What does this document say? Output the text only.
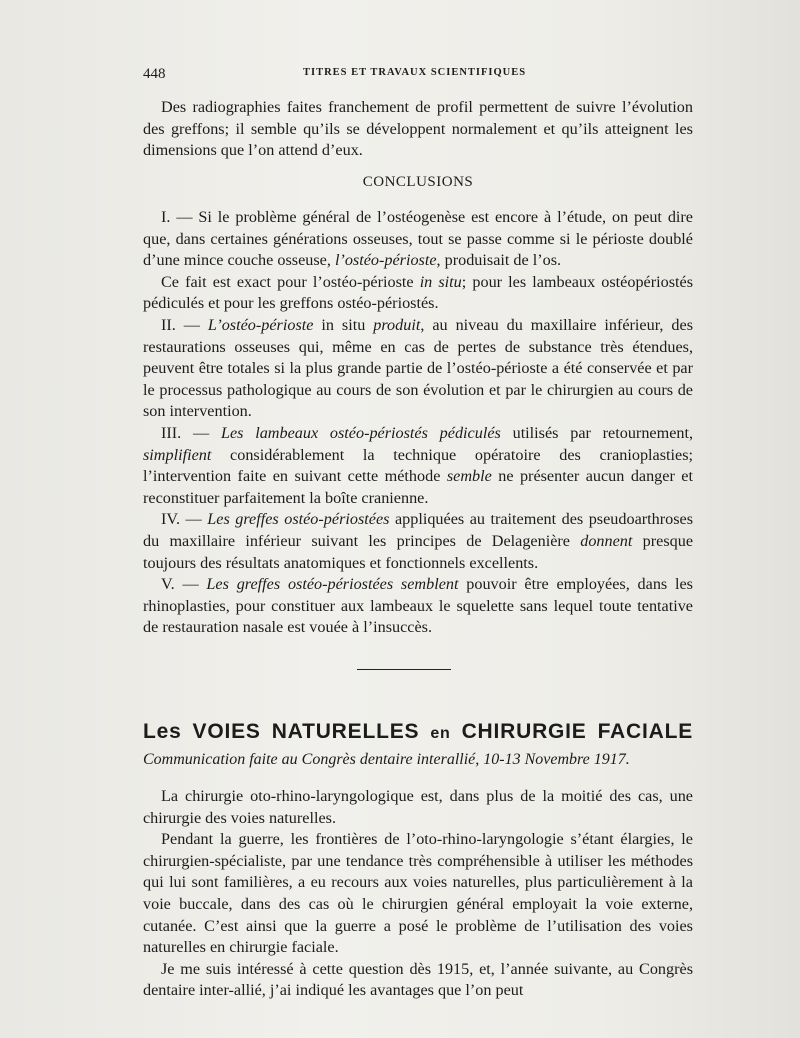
448	TITRES ET TRAVAUX SCIENTIFIQUES

Des radiographies faites franchement de profil permettent de suivre l’évolution des greffons; il semble qu’ils se développent normalement et qu’ils atteignent les dimensions que l’on attend d’eux.

CONCLUSIONS

I. — Si le problème général de l’ostéogenèse est encore à l’étude, on peut dire que, dans certaines générations osseuses, tout se passe comme si le périoste doublé d’une mince couche osseuse, l’ostéo-périoste, produisait de l’os.

Ce fait est exact pour l’ostéo-périoste in situ; pour les lambeaux ostéopériostés pédiculés et pour les greffons ostéo-périostés.

II. — L’ostéo-périoste in situ produit, au niveau du maxillaire inférieur, des restaurations osseuses qui, même en cas de pertes de substance très étendues, peuvent être totales si la plus grande partie de l’ostéo-périoste a été conservée et par le processus pathologique au cours de son évolution et par le chirurgien au cours de son intervention.

III. — Les lambeaux ostéo-périostés pédiculés utilisés par retournement, simplifient considérablement la technique opératoire des cranioplasties; l’intervention faite en suivant cette méthode semble ne présenter aucun danger et reconstituer parfaitement la boîte cranienne.

IV. — Les greffes ostéo-périostées appliquées au traitement des pseudoarthroses du maxillaire inférieur suivant les principes de Delagenière donnent presque toujours des résultats anatomiques et fonctionnels excellents.

V. — Les greffes ostéo-périostées semblent pouvoir être employées, dans les rhinoplasties, pour constituer aux lambeaux le squelette sans lequel toute tentative de restauration nasale est vouée à l’insuccès.

Les VOIES NATURELLES en CHIRURGIE FACIALE
Communication faite au Congrès dentaire interallié, 10-13 Novembre 1917.

La chirurgie oto-rhino-laryngologique est, dans plus de la moitié des cas, une chirurgie des voies naturelles.

Pendant la guerre, les frontières de l’oto-rhino-laryngologie s’étant élargies, le chirurgien-spécialiste, par une tendance très compréhensible à utiliser les méthodes qui lui sont familières, a eu recours aux voies naturelles, plus particulièrement à la voie buccale, dans des cas où le chirurgien général employait la voie externe, cutanée. C’est ainsi que la guerre a posé le problème de l’utilisation des voies naturelles en chirurgie faciale.

Je me suis intéressé à cette question dès 1915, et, l’année suivante, au Congrès dentaire inter-allié, j’ai indiqué les avantages que l’on peut
